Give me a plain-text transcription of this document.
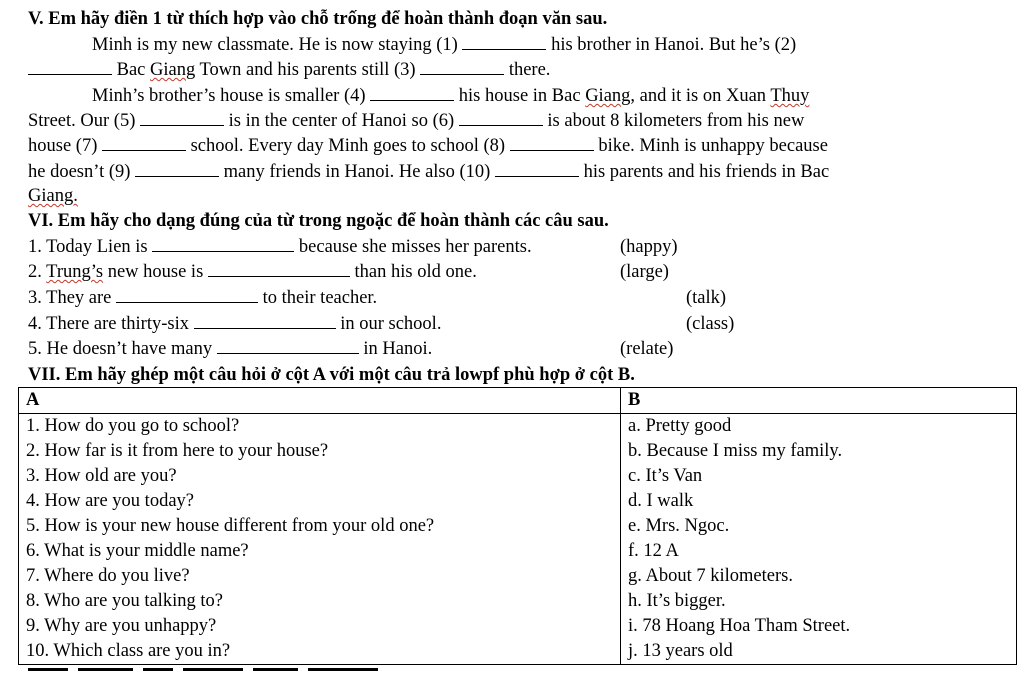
V. Em hãy điền 1 từ thích hợp vào chỗ trống để hoàn thành đoạn văn sau.
Minh is my new classmate. He is now staying (1)	his brother in Hanoi. But he’s (2)
Bac Giang Town and his parents still (3)	there.
Minh’s brother’s house is smaller (4)	his house in Bac Giang, and it is on Xuan Thuy
Street. Our (5)	is in the center of Hanoi so (6)	is about 8 kilometers from his new
house (7)	school. Every day Minh goes to school (8)	bike. Minh is unhappy because
he doesn’t (9)	many friends in Hanoi. He also (10)	his parents and his friends in Bac
Giang.
VI. Em hãy cho dạng đúng của từ trong ngoặc để hoàn thành các câu sau.
1. Today Lien is	because she misses her parents.	(happy)
2. Trung’s new house is	than his old one.	(large)
3. They are	to their teacher.	(talk)
4. There are thirty-six	in our school.	(class)
5. He doesn’t have many	in Hanoi.	(relate)
VII. Em hãy ghép một câu hỏi ở cột A với một câu trả lowpf phù hợp ở cột B.
A	B
1. How do you go to school?	a. Pretty good
2. How far is it from here to your house?	b. Because I miss my family.
3. How old are you?	c. It’s Van
4. How are you today?	d. I walk
5. How is your new house different from your old one?	e. Mrs. Ngoc.
6. What is your middle name?	f. 12 A
7. Where do you live?	g. About 7 kilometers.
8. Who are you talking to?	h. It’s bigger.
9. Why are you unhappy?	i. 78 Hoang Hoa Tham Street.
10. Which class are you in?	j. 13 years old
